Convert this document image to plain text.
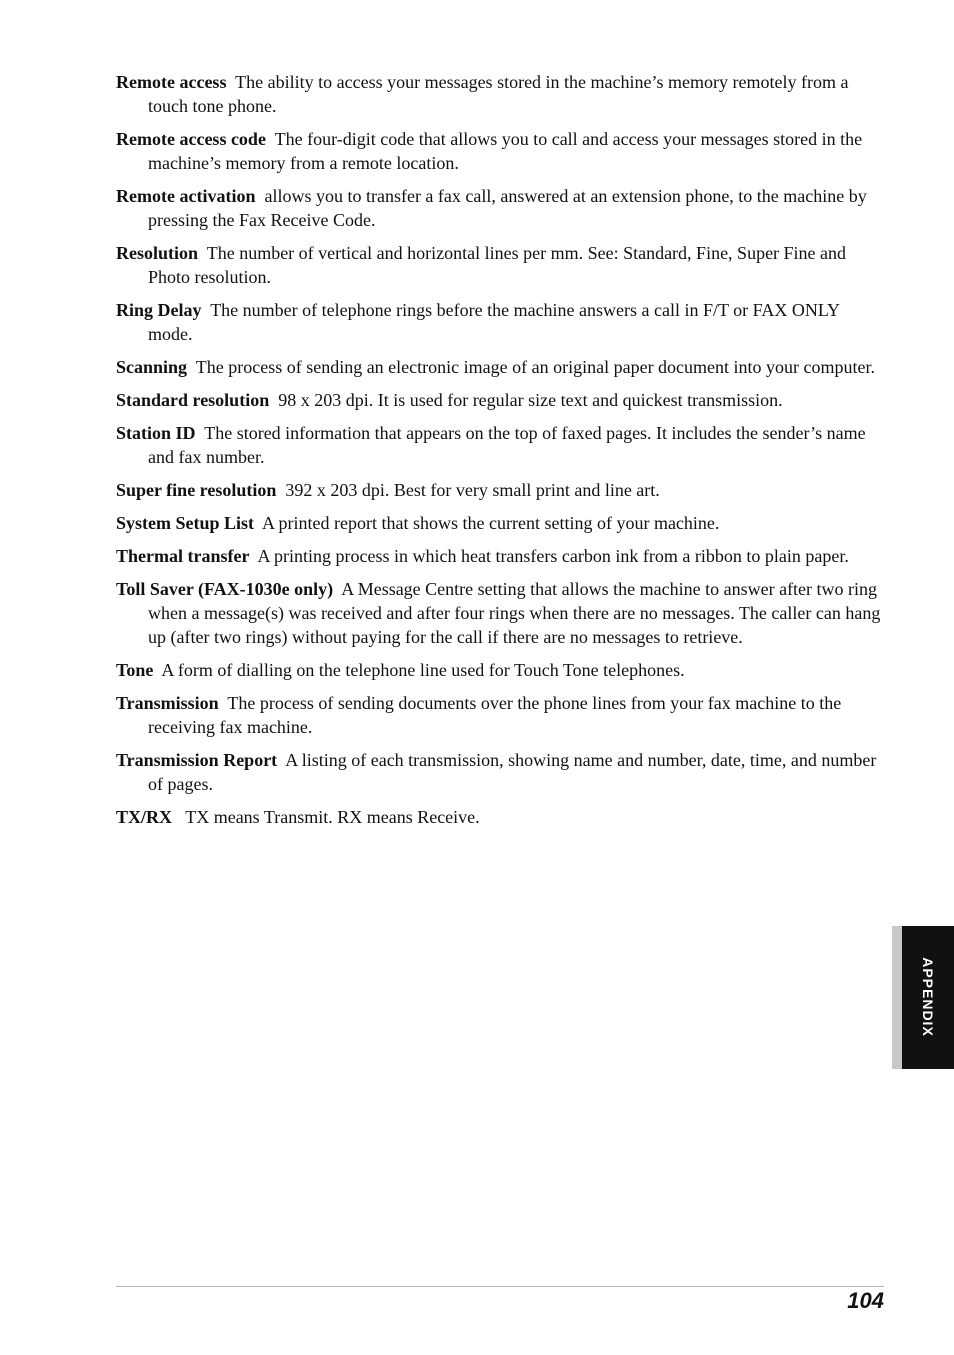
Remote access The ability to access your messages stored in the machine’s memory remotely from a touch tone phone.

Remote access code The four-digit code that allows you to call and access your messages stored in the machine’s memory from a remote location.

Remote activation allows you to transfer a fax call, answered at an extension phone, to the machine by pressing the Fax Receive Code.

Resolution The number of vertical and horizontal lines per mm. See: Standard, Fine, Super Fine and Photo resolution.

Ring Delay The number of telephone rings before the machine answers a call in F/T or FAX ONLY mode.

Scanning The process of sending an electronic image of an original paper document into your computer.

Standard resolution 98 x 203 dpi. It is used for regular size text and quickest transmission.

Station ID The stored information that appears on the top of faxed pages. It includes the sender’s name and fax number.

Super fine resolution 392 x 203 dpi. Best for very small print and line art.

System Setup List A printed report that shows the current setting of your machine.

Thermal transfer A printing process in which heat transfers carbon ink from a ribbon to plain paper.

Toll Saver (FAX-1030e only) A Message Centre setting that allows the machine to answer after two ring when a message(s) was received and after four rings when there are no messages. The caller can hang up (after two rings) without paying for the call if there are no messages to retrieve.

Tone A form of dialling on the telephone line used for Touch Tone telephones.

Transmission The process of sending documents over the phone lines from your fax machine to the receiving fax machine.

Transmission Report A listing of each transmission, showing name and number, date, time, and number of pages.

TX/RX TX means Transmit. RX means Receive.

APPENDIX
104
